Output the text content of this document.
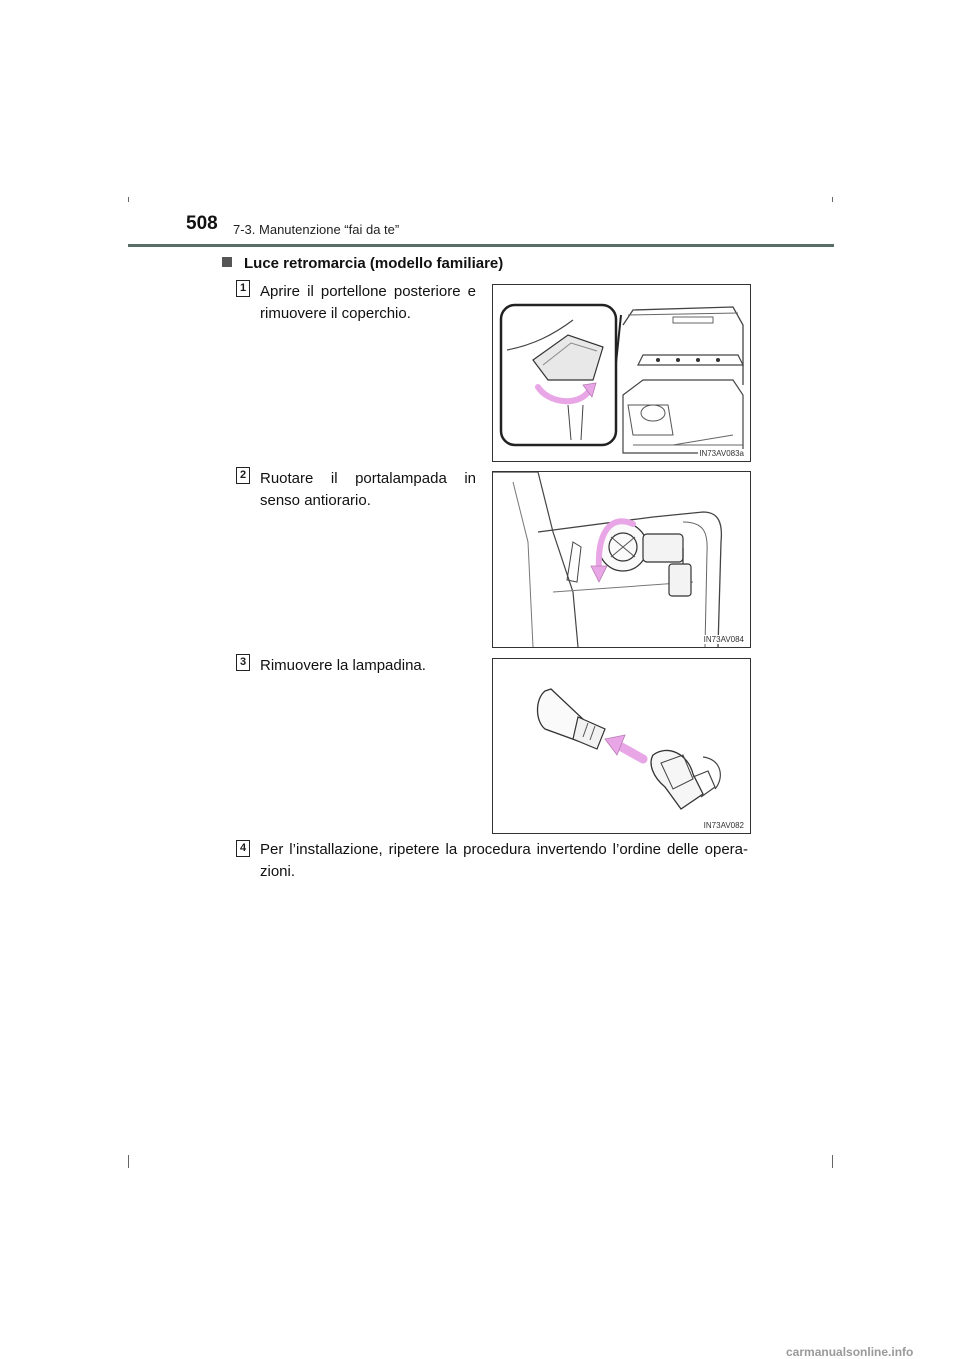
508 7-3. Manutenzione “fai da te”
Luce retromarcia (modello familiare)
1 Aprire il portellone posteriore e rimuovere il coperchio.
IN73AV083a
2 Ruotare il portalampada in senso antiorario.
IN73AV084
3 Rimuovere la lampadina.
IN73AV082
4 Per l’installazione, ripetere la procedura invertendo l’ordine delle opera-zioni.
carmanualsonline.info
